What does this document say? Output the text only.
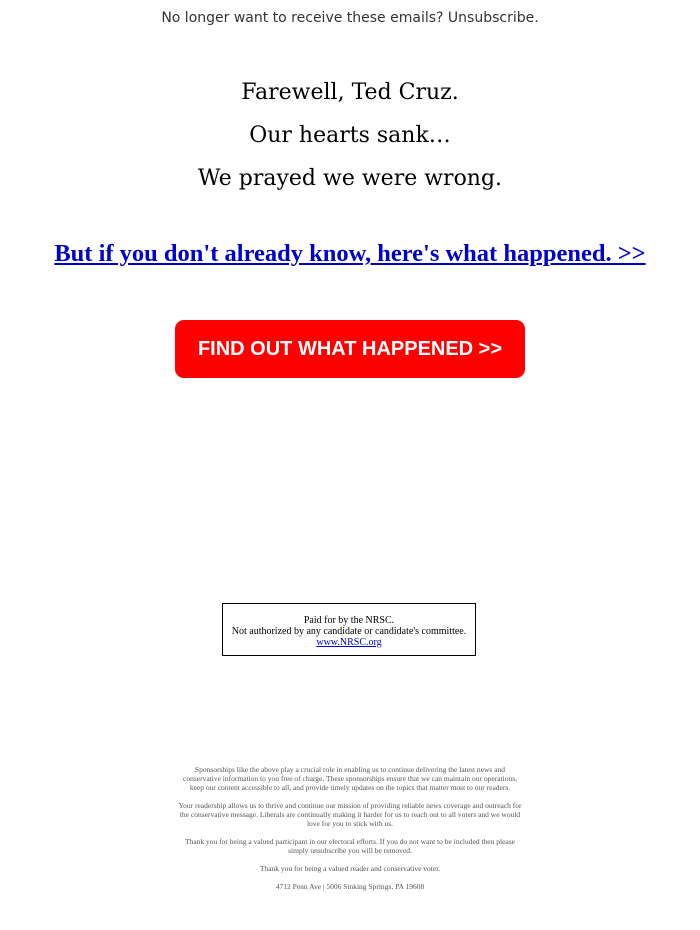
No longer want to receive these emails? Unsubscribe.
Farewell, Ted Cruz.
Our hearts sank…
We prayed we were wrong.
But if you don't already know, here's what happened. >>
FIND OUT WHAT HAPPENED >>
Paid for by the NRSC.
Not authorized by any candidate or candidate's committee.
www.NRSC.org

Sponsorships like the above play a crucial role in enabling us to continue delivering the latest news and conservative information to you free of charge. These sponsorships ensure that we can maintain our operations, keep our content accessible to all, and provide timely updates on the topics that matter most to our readers.

Your readership allows us to thrive and continue our mission of providing reliable news coverage and outreach for the conservative message. Liberals are continually making it harder for us to reach out to all voters and we would love for you to stick with us.

Thank you for being a valued participant in our electoral efforts. If you do not want to be included then please simply unsubscribe you will be removed.

Thank you for being a valued reader and conservative voter.

4712 Penn Ave | 5006 Sinking Springs, PA 19608
